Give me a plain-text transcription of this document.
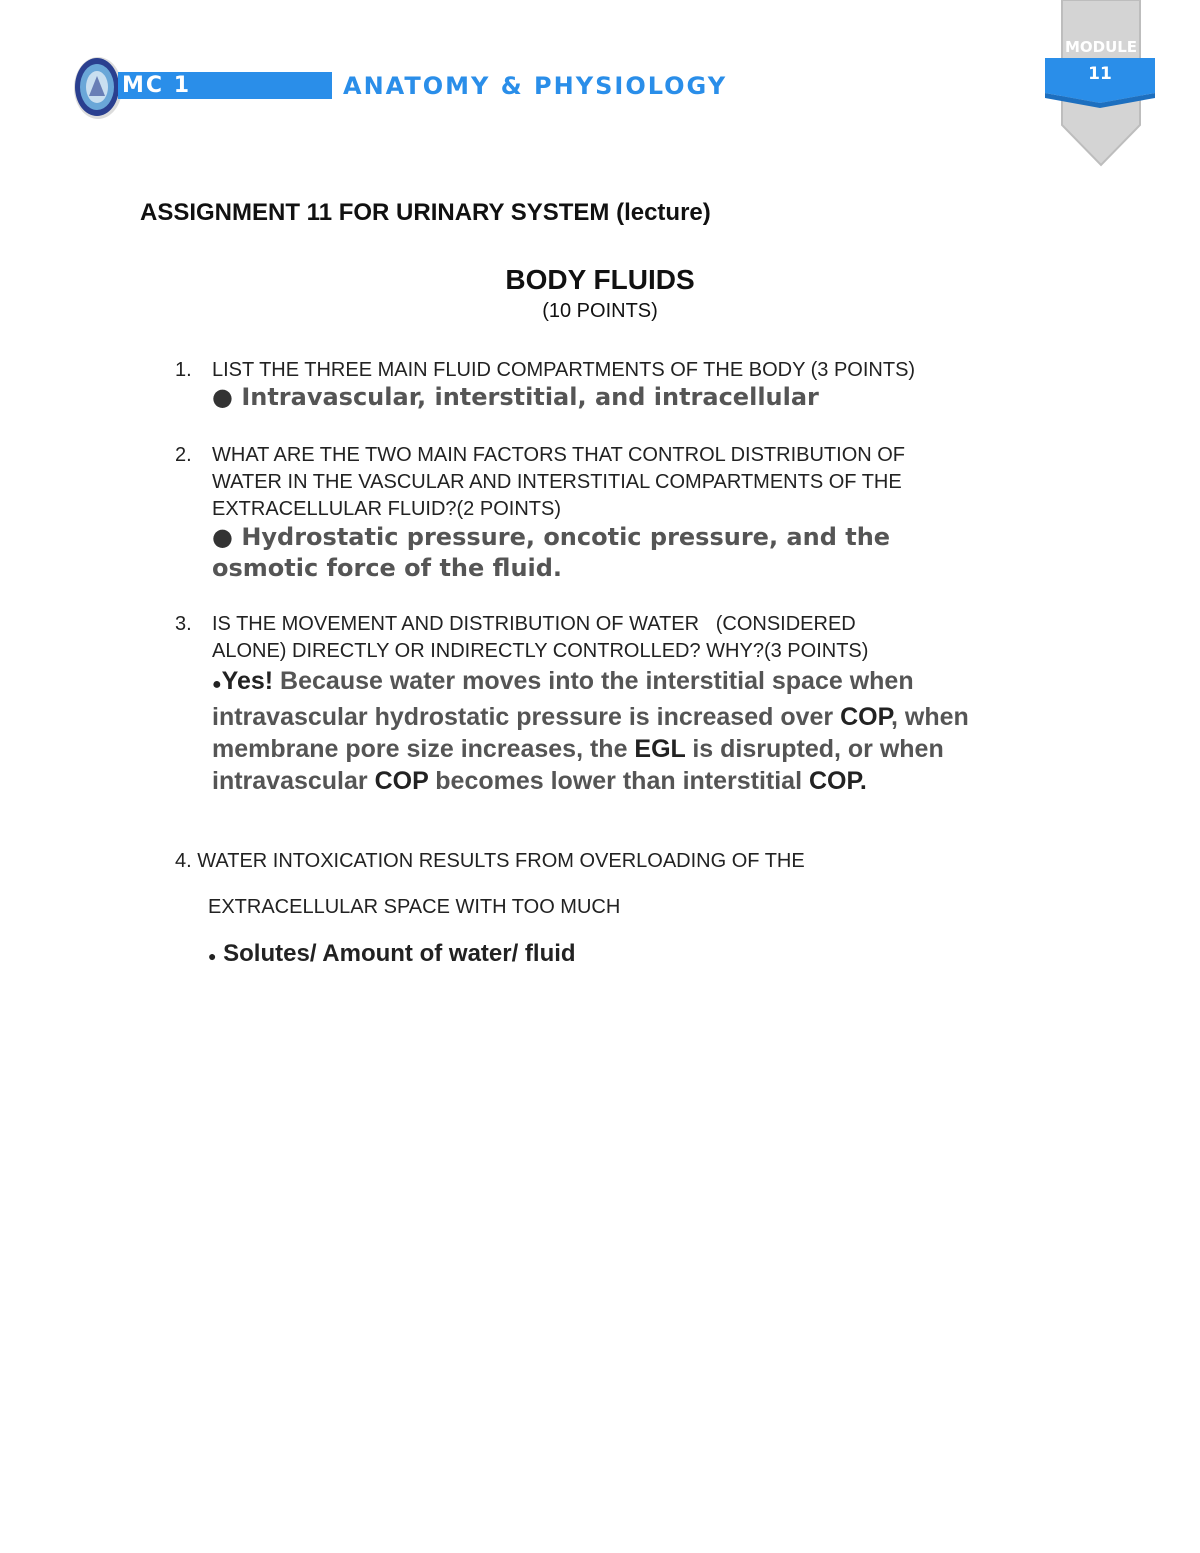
MC 1	ANATOMY & PHYSIOLOGY
MODULE
11
ASSIGNMENT 11 FOR URINARY SYSTEM (lecture)
BODY FLUIDS
(10 POINTS)
1. LIST THE THREE MAIN FLUID COMPARTMENTS OF THE BODY (3 POINTS)
● Intravascular, interstitial, and intracellular
2. WHAT ARE THE TWO MAIN FACTORS THAT CONTROL DISTRIBUTION OF
WATER IN THE VASCULAR AND INTERSTITIAL COMPARTMENTS OF THE
EXTRACELLULAR FLUID?(2 POINTS)
● Hydrostatic pressure, oncotic pressure, and the
osmotic force of the fluid.
3. IS THE MOVEMENT AND DISTRIBUTION OF WATER   (CONSIDERED
ALONE) DIRECTLY OR INDIRECTLY CONTROLLED? WHY?(3 POINTS)
●Yes! Because water moves into the interstitial space when
intravascular hydrostatic pressure is increased over COP, when
membrane pore size increases, the EGL is disrupted, or when
intravascular COP becomes lower than interstitial COP.
4. WATER INTOXICATION RESULTS FROM OVERLOADING OF THE
EXTRACELLULAR SPACE WITH TOO MUCH
● Solutes/ Amount of water/ fluid
